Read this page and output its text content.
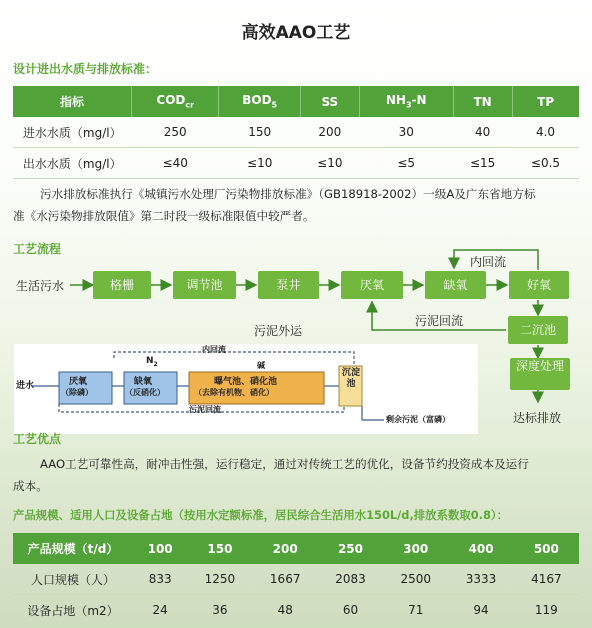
高效AAO工艺
设计进出水质与排放标准：
指标	$COD_{cr}$	$BOD_5$	SS	$NH_3-N$	TN	TP
进水水质（mg/l）	250	150	200	30	40	4.0
出水水质（mg/l）	≤40	≤10	≤10	≤5	≤15	≤0.5
污水排放标准执行《城镇污水处理厂污染物排放标准》（GB18918-2002）一级A及广东省地方标
准《水污染物排放限值》第二时段一级标准限值中较严者。
工艺流程
生活污水	格栅	调节池	泵井	厌氧	缺氧	好氧
内回流
污泥回流
污泥外运	二沉池
深度处理
达标排放
进水	厌氧
（除磷）
缺氧
（反硝化）
曝气池、硝化池
（去除有机物、硝化）
沉淀池
$N_2$
内回流
碱
污泥回流
剩余污泥（富磷）
工艺优点
AAO工艺可靠性高，耐冲击性强，运行稳定，通过对传统工艺的优化，设备节约投资成本及运行
成本。
产品规模、适用人口及设备占地（按用水定额标准，居民综合生活用水150L/d,排放系数取0.8）：
产品规模（t/d）	100	150	200	250	300	400	500
人口规模（人）	833	1250	1667	2083	2500	3333	4167
设备占地（m2）	24	36	48	60	71	94	119
